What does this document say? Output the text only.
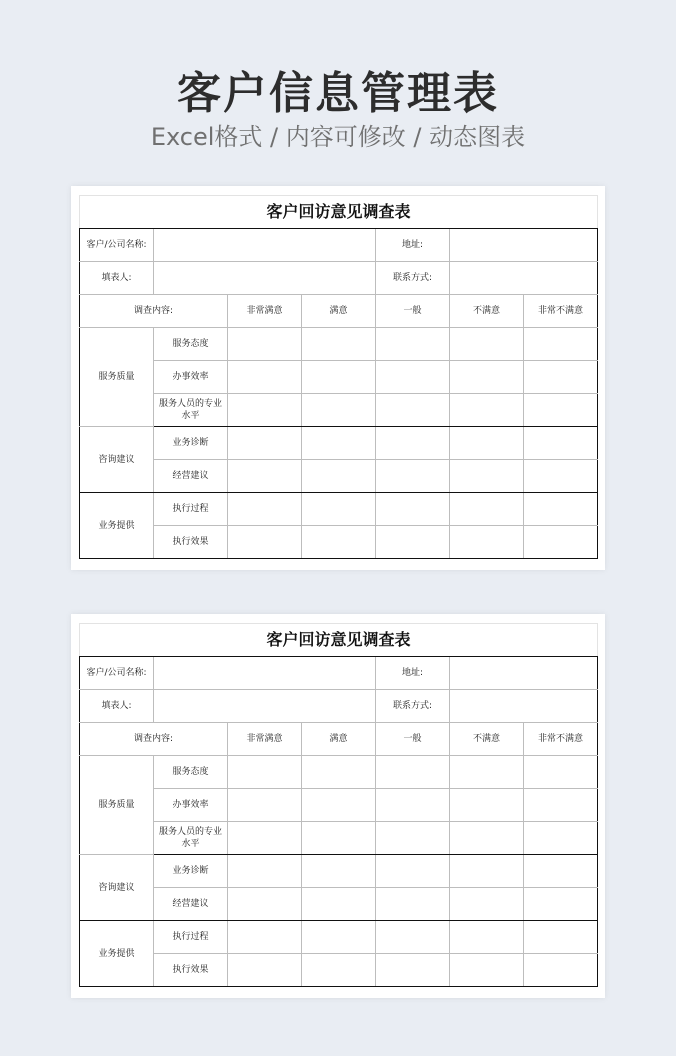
客户信息管理表
Excel格式 / 内容可修改 / 动态图表
客户回访意见调查表						
客户/公司名称:				地址:		
填表人:				联系方式:		
调查内容:		非常满意	满意	一般	不满意	非常不满意
服务质量	服务态度					
	办事效率					
	服务人员的专业水平					
咨询建议	业务诊断					
	经营建议					
业务提供	执行过程					
	执行效果					
客户回访意见调查表						
客户/公司名称:				地址:		
填表人:				联系方式:		
调查内容:		非常满意	满意	一般	不满意	非常不满意
服务质量	服务态度					
	办事效率					
	服务人员的专业水平					
咨询建议	业务诊断					
	经营建议					
业务提供	执行过程					
	执行效果					
